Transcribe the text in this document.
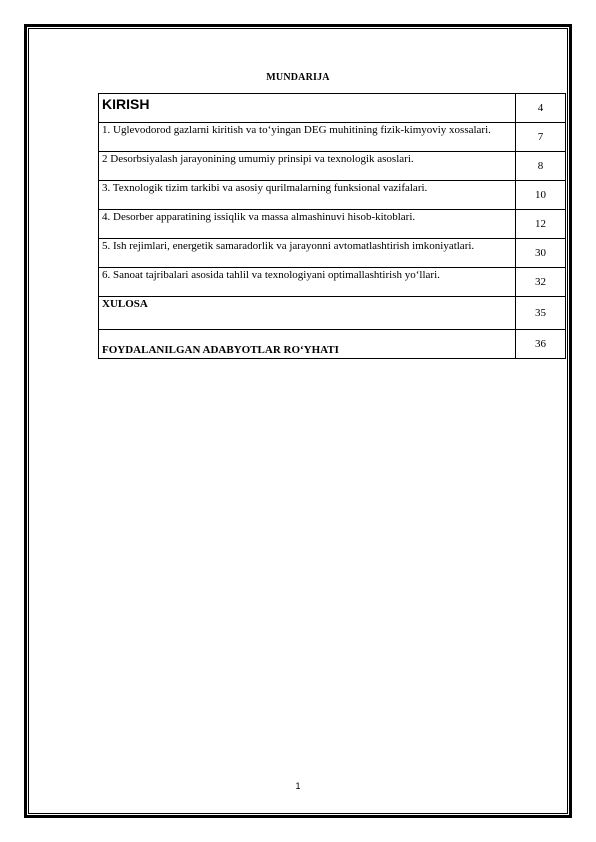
MUNDARIJA
KIRISH	4
1. Uglevodorod gazlarni kiritish va to‘yingan DEG muhitining fizik-kimyoviy xossalari.	7
2 Desorbsiyalash jarayonining umumiy prinsipi va texnologik asoslari.	8
3. Texnologik tizim tarkibi va asosiy qurilmalarning funksional vazifalari.	10
4. Desorber apparatining issiqlik va massa almashinuvi hisob-kitoblari.	12
5. Ish rejimlari, energetik samaradorlik va jarayonni avtomatlashtirish imkoniyatlari.	30
6. Sanoat tajribalari asosida tahlil va texnologiyani optimallashtirish yo‘llari.	32
XULOSA	35
FOYDALANILGAN ADABYOTLAR RO‘YHATI	36
1
